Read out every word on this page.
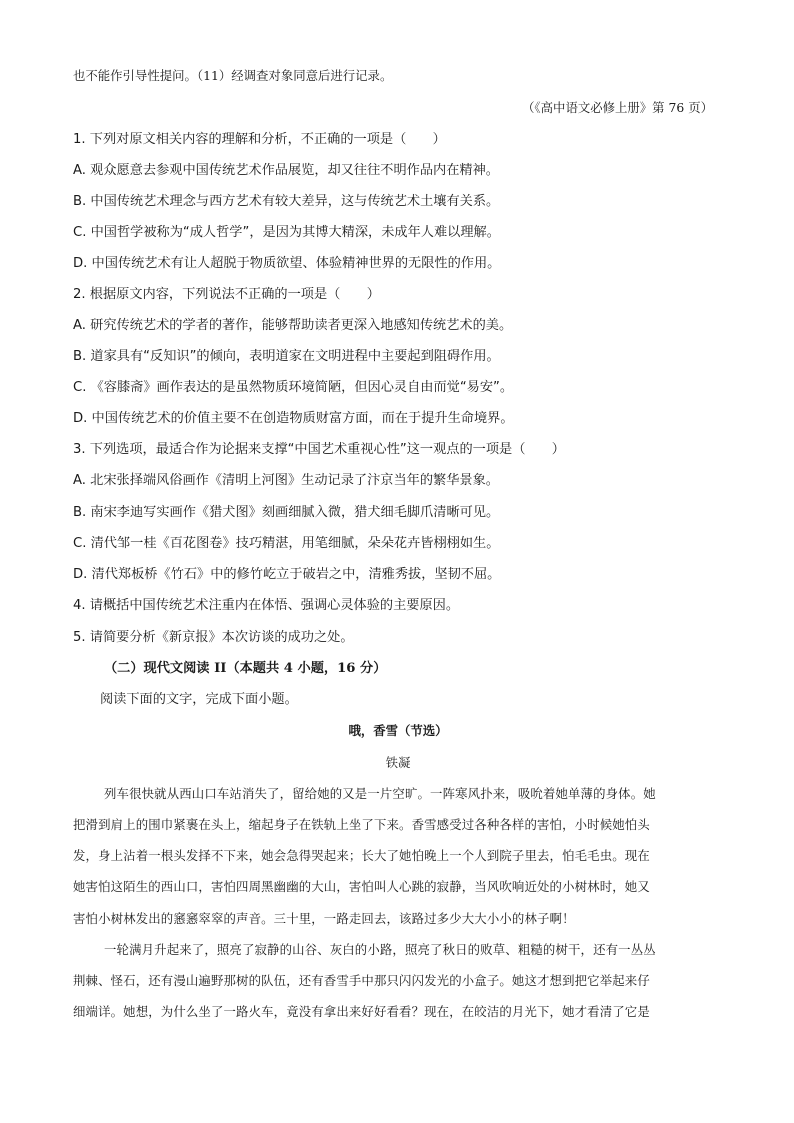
也不能作引导性提问。（11）经调查对象同意后进行记录。
（《高中语文必修上册》第 76 页）
1. 下列对原文相关内容的理解和分析，不正确的一项是（　　）
A. 观众愿意去参观中国传统艺术作品展览，却又往往不明作品内在精神。
B. 中国传统艺术理念与西方艺术有较大差异，这与传统艺术土壤有关系。
C. 中国哲学被称为“成人哲学”，是因为其博大精深，未成年人难以理解。
D. 中国传统艺术有让人超脱于物质欲望、体验精神世界的无限性的作用。
2. 根据原文内容，下列说法不正确的一项是（　　）
A. 研究传统艺术的学者的著作，能够帮助读者更深入地感知传统艺术的美。
B. 道家具有“反知识”的倾向，表明道家在文明进程中主要起到阻碍作用。
C. 《容膝斋》画作表达的是虽然物质环境简陋，但因心灵自由而觉“易安”。
D. 中国传统艺术的价值主要不在创造物质财富方面，而在于提升生命境界。
3. 下列选项，最适合作为论据来支撑“中国艺术重视心性”这一观点的一项是（　　）
A. 北宋张择端风俗画作《清明上河图》生动记录了汴京当年的繁华景象。
B. 南宋李迪写实画作《猎犬图》刻画细腻入微，猎犬细毛脚爪清晰可见。
C. 清代邹一桂《百花图卷》技巧精湛，用笔细腻，朵朵花卉皆栩栩如生。
D. 清代郑板桥《竹石》中的修竹屹立于破岩之中，清雅秀拔，坚韧不屈。
4. 请概括中国传统艺术注重内在体悟、强调心灵体验的主要原因。
5. 请简要分析《新京报》本次访谈的成功之处。
（二）现代文阅读 II（本题共 4 小题，16 分）
阅读下面的文字，完成下面小题。
哦，香雪（节选）
铁凝
列车很快就从西山口车站消失了，留给她的又是一片空旷。一阵寒风扑来，吸吮着她单薄的身体。她
把滑到肩上的围巾紧裹在头上，缩起身子在铁轨上坐了下来。香雪感受过各种各样的害怕，小时候她怕头
发，身上沾着一根头发择不下来，她会急得哭起来；长大了她怕晚上一个人到院子里去，怕毛毛虫。现在
她害怕这陌生的西山口，害怕四周黑幽幽的大山，害怕叫人心跳的寂静，当风吹响近处的小树林时，她又
害怕小树林发出的窸窸窣窣的声音。三十里，一路走回去，该路过多少大大小小的林子啊！
一轮满月升起来了，照亮了寂静的山谷、灰白的小路，照亮了秋日的败草、粗糙的树干，还有一丛丛
荆棘、怪石，还有漫山遍野那树的队伍，还有香雪手中那只闪闪发光的小盒子。她这才想到把它举起来仔
细端详。她想，为什么坐了一路火车，竟没有拿出来好好看看？现在，在皎洁的月光下，她才看清了它是
